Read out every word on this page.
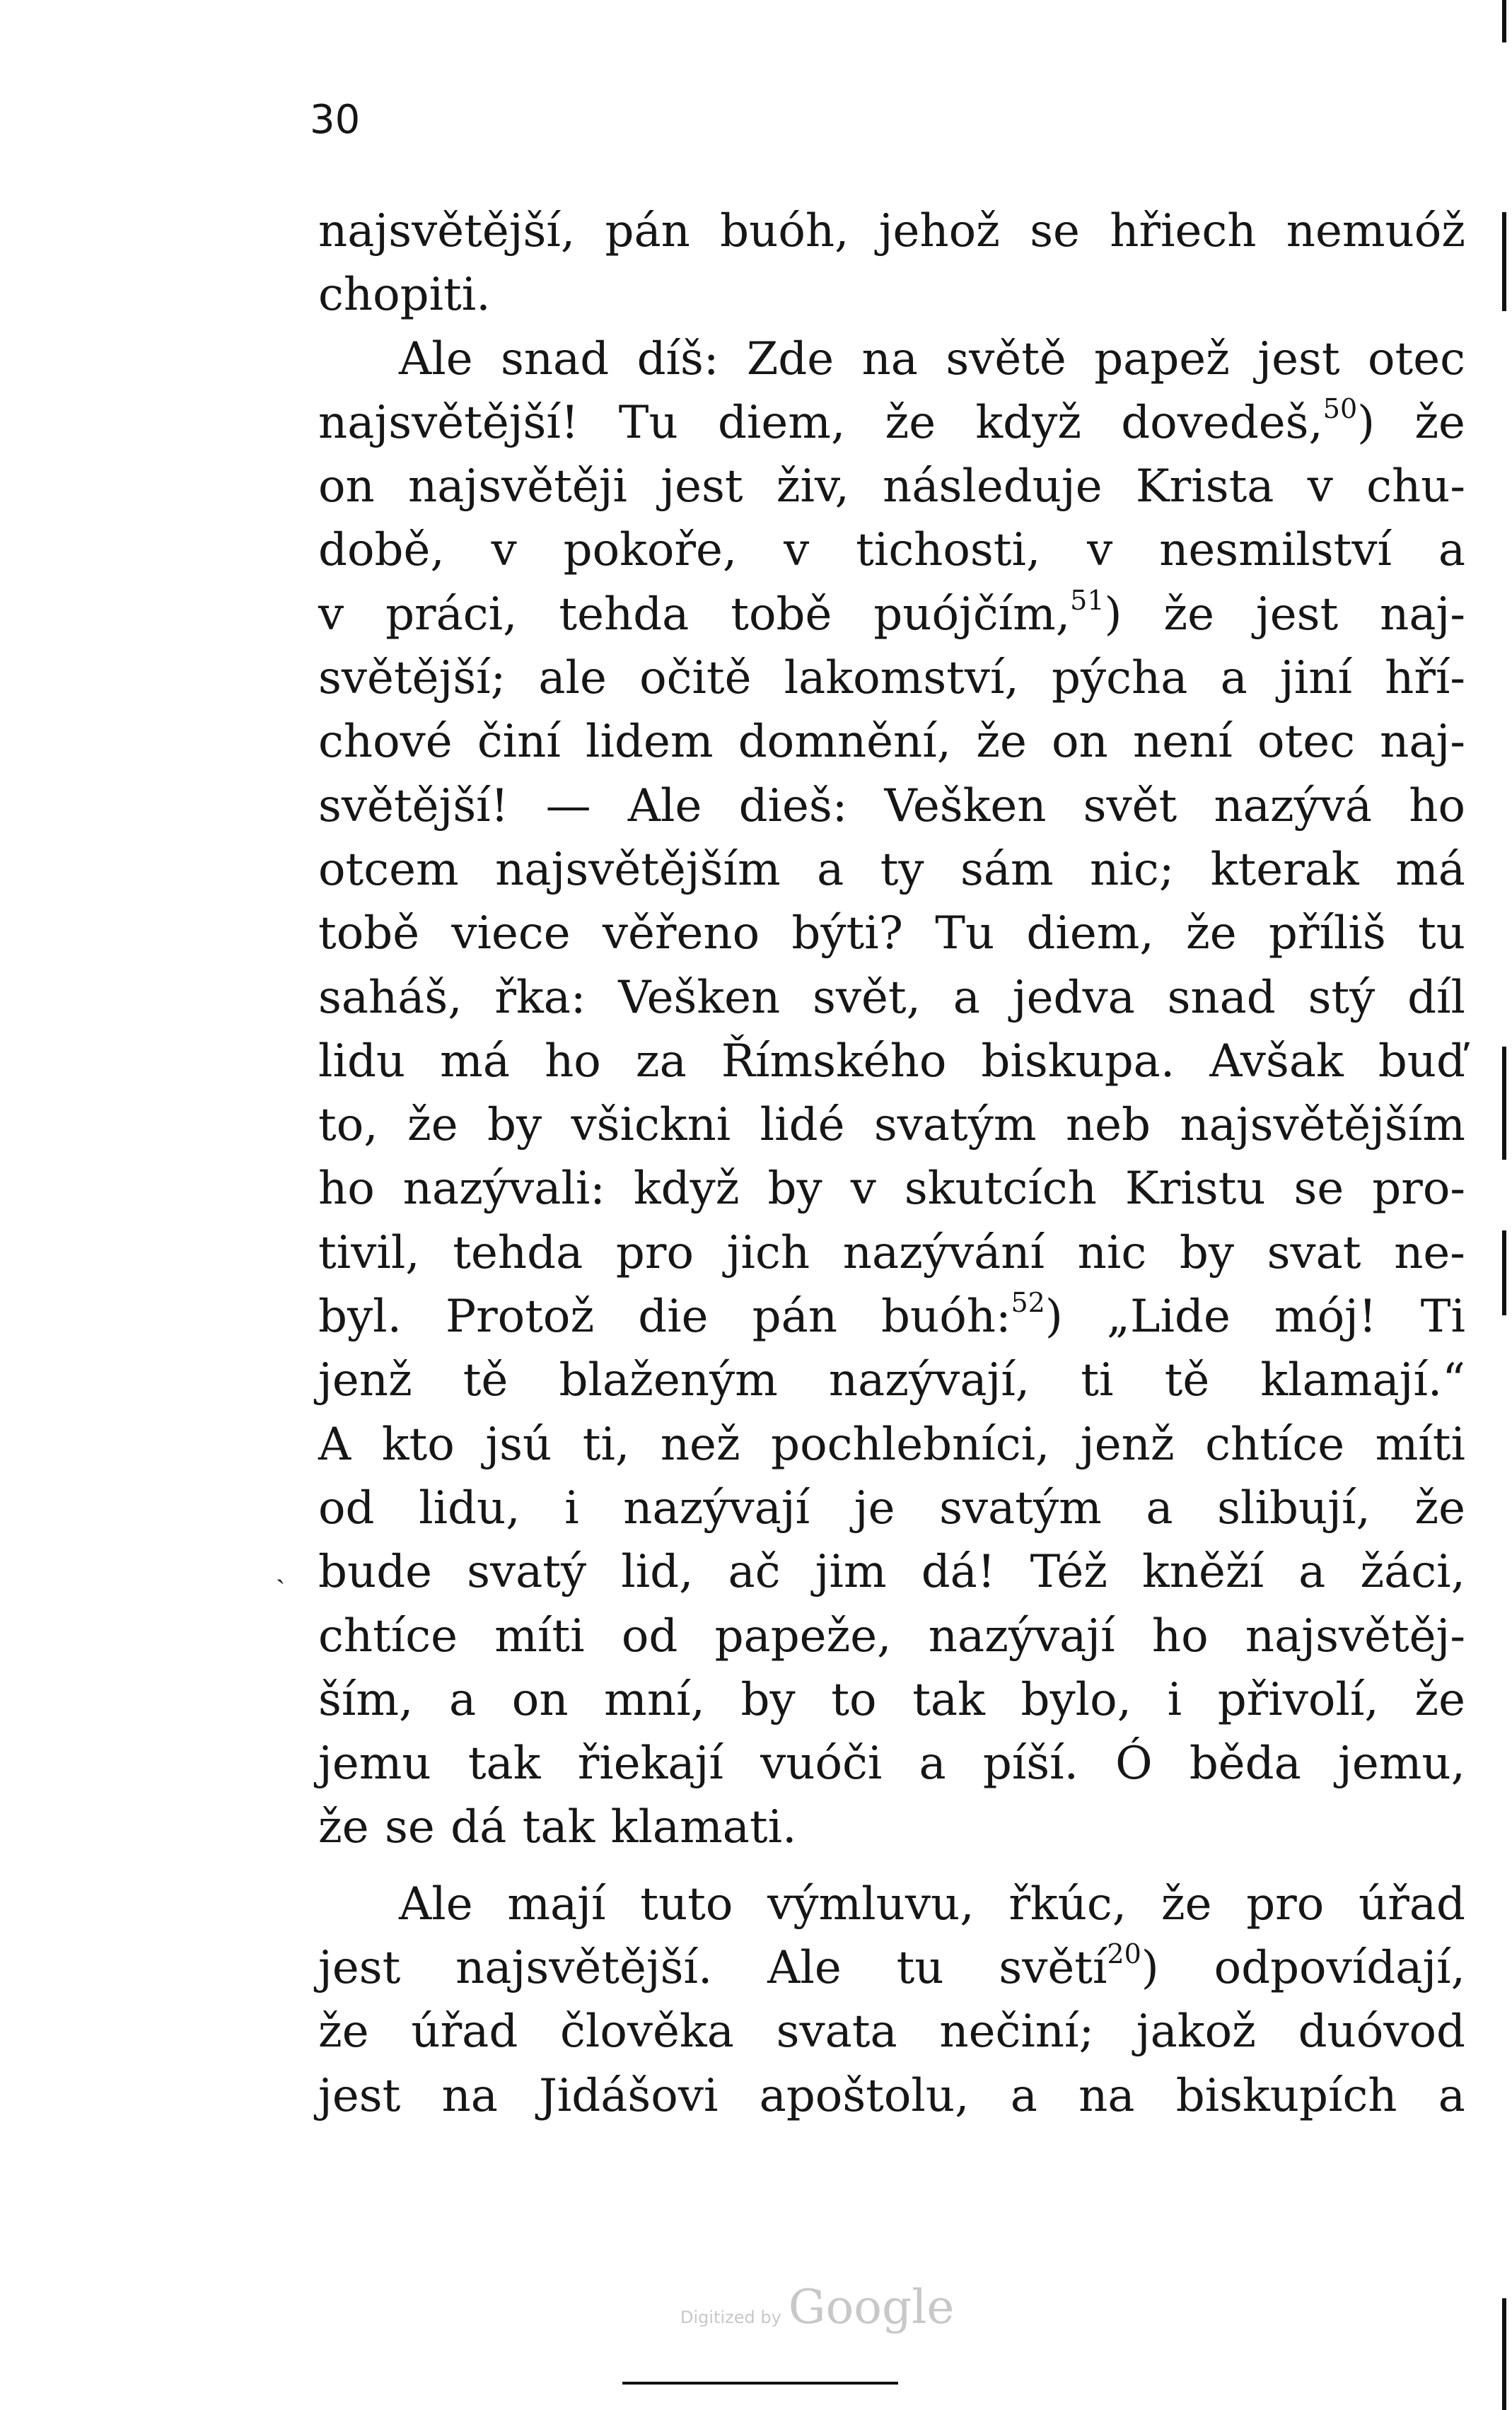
30
najsvětější, pán buóh, jehož se hřiech nemuóž
chopiti.
Ale snad díš: Zde na světě papež jest otec
najsvětější! Tu diem, že když dovedeš,$^{50}$) že
on najsvětěji jest živ, následuje Krista v chu-
době, v pokoře, v tichosti, v nesmilství a
v práci, tehda tobě puójčím,$^{51}$) že jest naj-
světější; ale očitě lakomství, pýcha a jiní hří-
chové činí lidem domnění, že on není otec naj-
světější! — Ale dieš: Vešken svět nazývá ho
otcem najsvětějším a ty sám nic; kterak má
tobě viece věřeno býti? Tu diem, že příliš tu
saháš, řka: Vešken svět, a jedva snad stý díl
lidu má ho za Římského biskupa. Avšak buď
to, že by všickni lidé svatým neb najsvětějším
ho nazývali: když by v skutcích Kristu se pro-
tivil, tehda pro jich nazývání nic by svat ne-
byl. Protož die pán buóh:$^{52}$) „Lide mój! Ti
jenž tě blaženým nazývají, ti tě klamají.“
A kto jsú ti, než pochlebníci, jenž chtíce míti
od lidu, i nazývají je svatým a slibují, že
bude svatý lid, ač jim dá! Též kněží a žáci,
chtíce míti od papeže, nazývají ho najsvětěj-
ším, a on mní, by to tak bylo, i přivolí, že
jemu tak řiekají vuóči a píší. Ó běda jemu,
že se dá tak klamati.
Ale mají tuto výmluvu, řkúc, že pro úřad
jest najsvětější. Ale tu světí$^{20}$) odpovídají,
že úřad člověka svata nečiní; jakož duóvod
jest na Jidášovi apoštolu, a na biskupích a
ˎ
Digitized by Google
